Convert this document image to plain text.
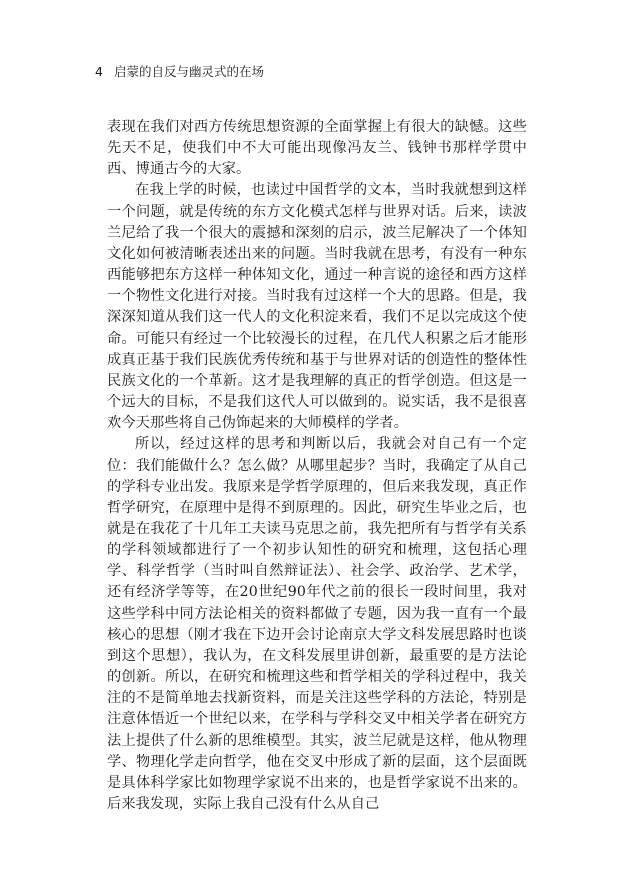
4 启蒙的自反与幽灵式的在场

表现在我们对西方传统思想资源的全面掌握上有很大的缺憾。这些先天不足，使我们中不大可能出现像冯友兰、钱钟书那样学贯中西、博通古今的大家。

在我上学的时候，也读过中国哲学的文本，当时我就想到这样一个问题，就是传统的东方文化模式怎样与世界对话。后来，读波兰尼给了我一个很大的震撼和深刻的启示，波兰尼解决了一个体知文化如何被清晰表述出来的问题。当时我就在思考，有没有一种东西能够把东方这样一种体知文化，通过一种言说的途径和西方这样一个物性文化进行对接。当时我有过这样一个大的思路。但是，我深深知道从我们这一代人的文化积淀来看，我们不足以完成这个使命。可能只有经过一个比较漫长的过程，在几代人积累之后才能形成真正基于我们民族优秀传统和基于与世界对话的创造性的整体性民族文化的一个革新。这才是我理解的真正的哲学创造。但这是一个远大的目标，不是我们这代人可以做到的。说实话，我不是很喜欢今天那些将自己伪饰起来的大师模样的学者。

所以，经过这样的思考和判断以后，我就会对自己有一个定位：我们能做什么？怎么做？从哪里起步？当时，我确定了从自己的学科专业出发。我原来是学哲学原理的，但后来我发现，真正作哲学研究，在原理中是得不到原理的。因此，研究生毕业之后，也就是在我花了十几年工夫读马克思之前，我先把所有与哲学有关系的学科领域都进行了一个初步认知性的研究和梳理，这包括心理学、科学哲学（当时叫自然辩证法）、社会学、政治学、艺术学，还有经济学等等，在20世纪90年代之前的很长一段时间里，我对这些学科中同方法论相关的资料都做了专题，因为我一直有一个最核心的思想（刚才我在下边开会讨论南京大学文科发展思路时也谈到这个思想），我认为，在文科发展里讲创新，最重要的是方法论的创新。所以，在研究和梳理这些和哲学相关的学科过程中，我关注的不是简单地去找新资料，而是关注这些学科的方法论，特别是注意体悟近一个世纪以来，在学科与学科交叉中相关学者在研究方法上提供了什么新的思维模型。其实，波兰尼就是这样，他从物理学、物理化学走向哲学，他在交叉中形成了新的层面，这个层面既是具体科学家比如物理学家说不出来的，也是哲学家说不出来的。后来我发现，实际上我自己没有什么从自己
